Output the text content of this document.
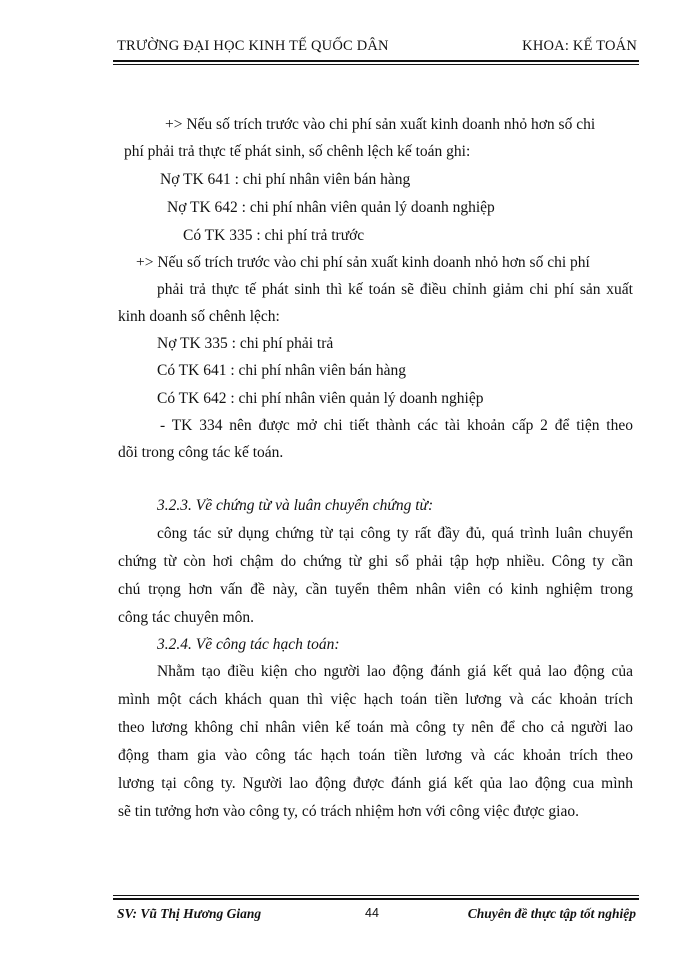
TRƯỜNG ĐẠI HỌC KINH TẾ QUỐC DÂN	KHOA: KẾ TOÁN
+> Nếu số trích trước vào chi phí sản xuất kinh doanh nhỏ hơn số chi
phí phải trả thực tế phát sinh, số chênh lệch kế toán ghi:
Nợ TK 641 : chi phí nhân viên bán hàng
Nợ TK 642 : chi phí nhân viên quản lý doanh nghiệp
Có TK 335 : chi phí trả trước
+> Nếu số trích trước vào chi phí sản xuất kinh doanh nhỏ hơn số chi phí
phải trả thực tế phát sinh thì kế toán sẽ điều chỉnh giảm chi phí sản xuất
kinh doanh số chênh lệch:
Nợ TK 335 : chi phí phải trả
Có TK 641 : chi phí nhân viên bán hàng
Có TK 642 : chi phí nhân viên quản lý doanh nghiệp
- TK 334 nên được mở chi tiết thành các tài khoản cấp 2 để tiện theo
dõi trong công tác kế toán.
3.2.3. Về chứng từ và luân chuyển chứng từ:
công tác sử dụng chứng từ tại công ty rất đầy đủ, quá trình luân chuyển
chứng từ còn hơi chậm do chứng từ ghi sổ phải tập hợp nhiều. Công ty cần
chú trọng hơn vấn đề này, cần tuyển thêm nhân viên có kinh nghiệm trong
công tác chuyên môn.
3.2.4. Về công tác hạch toán:
Nhằm tạo điều kiện cho người lao động đánh giá kết quả lao động của
mình một cách khách quan thì việc hạch toán tiền lương và các khoản trích
theo lương không chỉ nhân viên kế toán mà công ty nên để cho cả người lao
động tham gia vào công tác hạch toán tiền lương và các khoản trích theo
lương tại công ty. Người lao động được đánh giá kết qủa lao động cua mình
sẽ tin tưởng hơn vào công ty, có trách nhiệm hơn với công việc được giao.
SV: Vũ Thị Hương Giang	44	Chuyên đề thực tập tốt nghiệp
